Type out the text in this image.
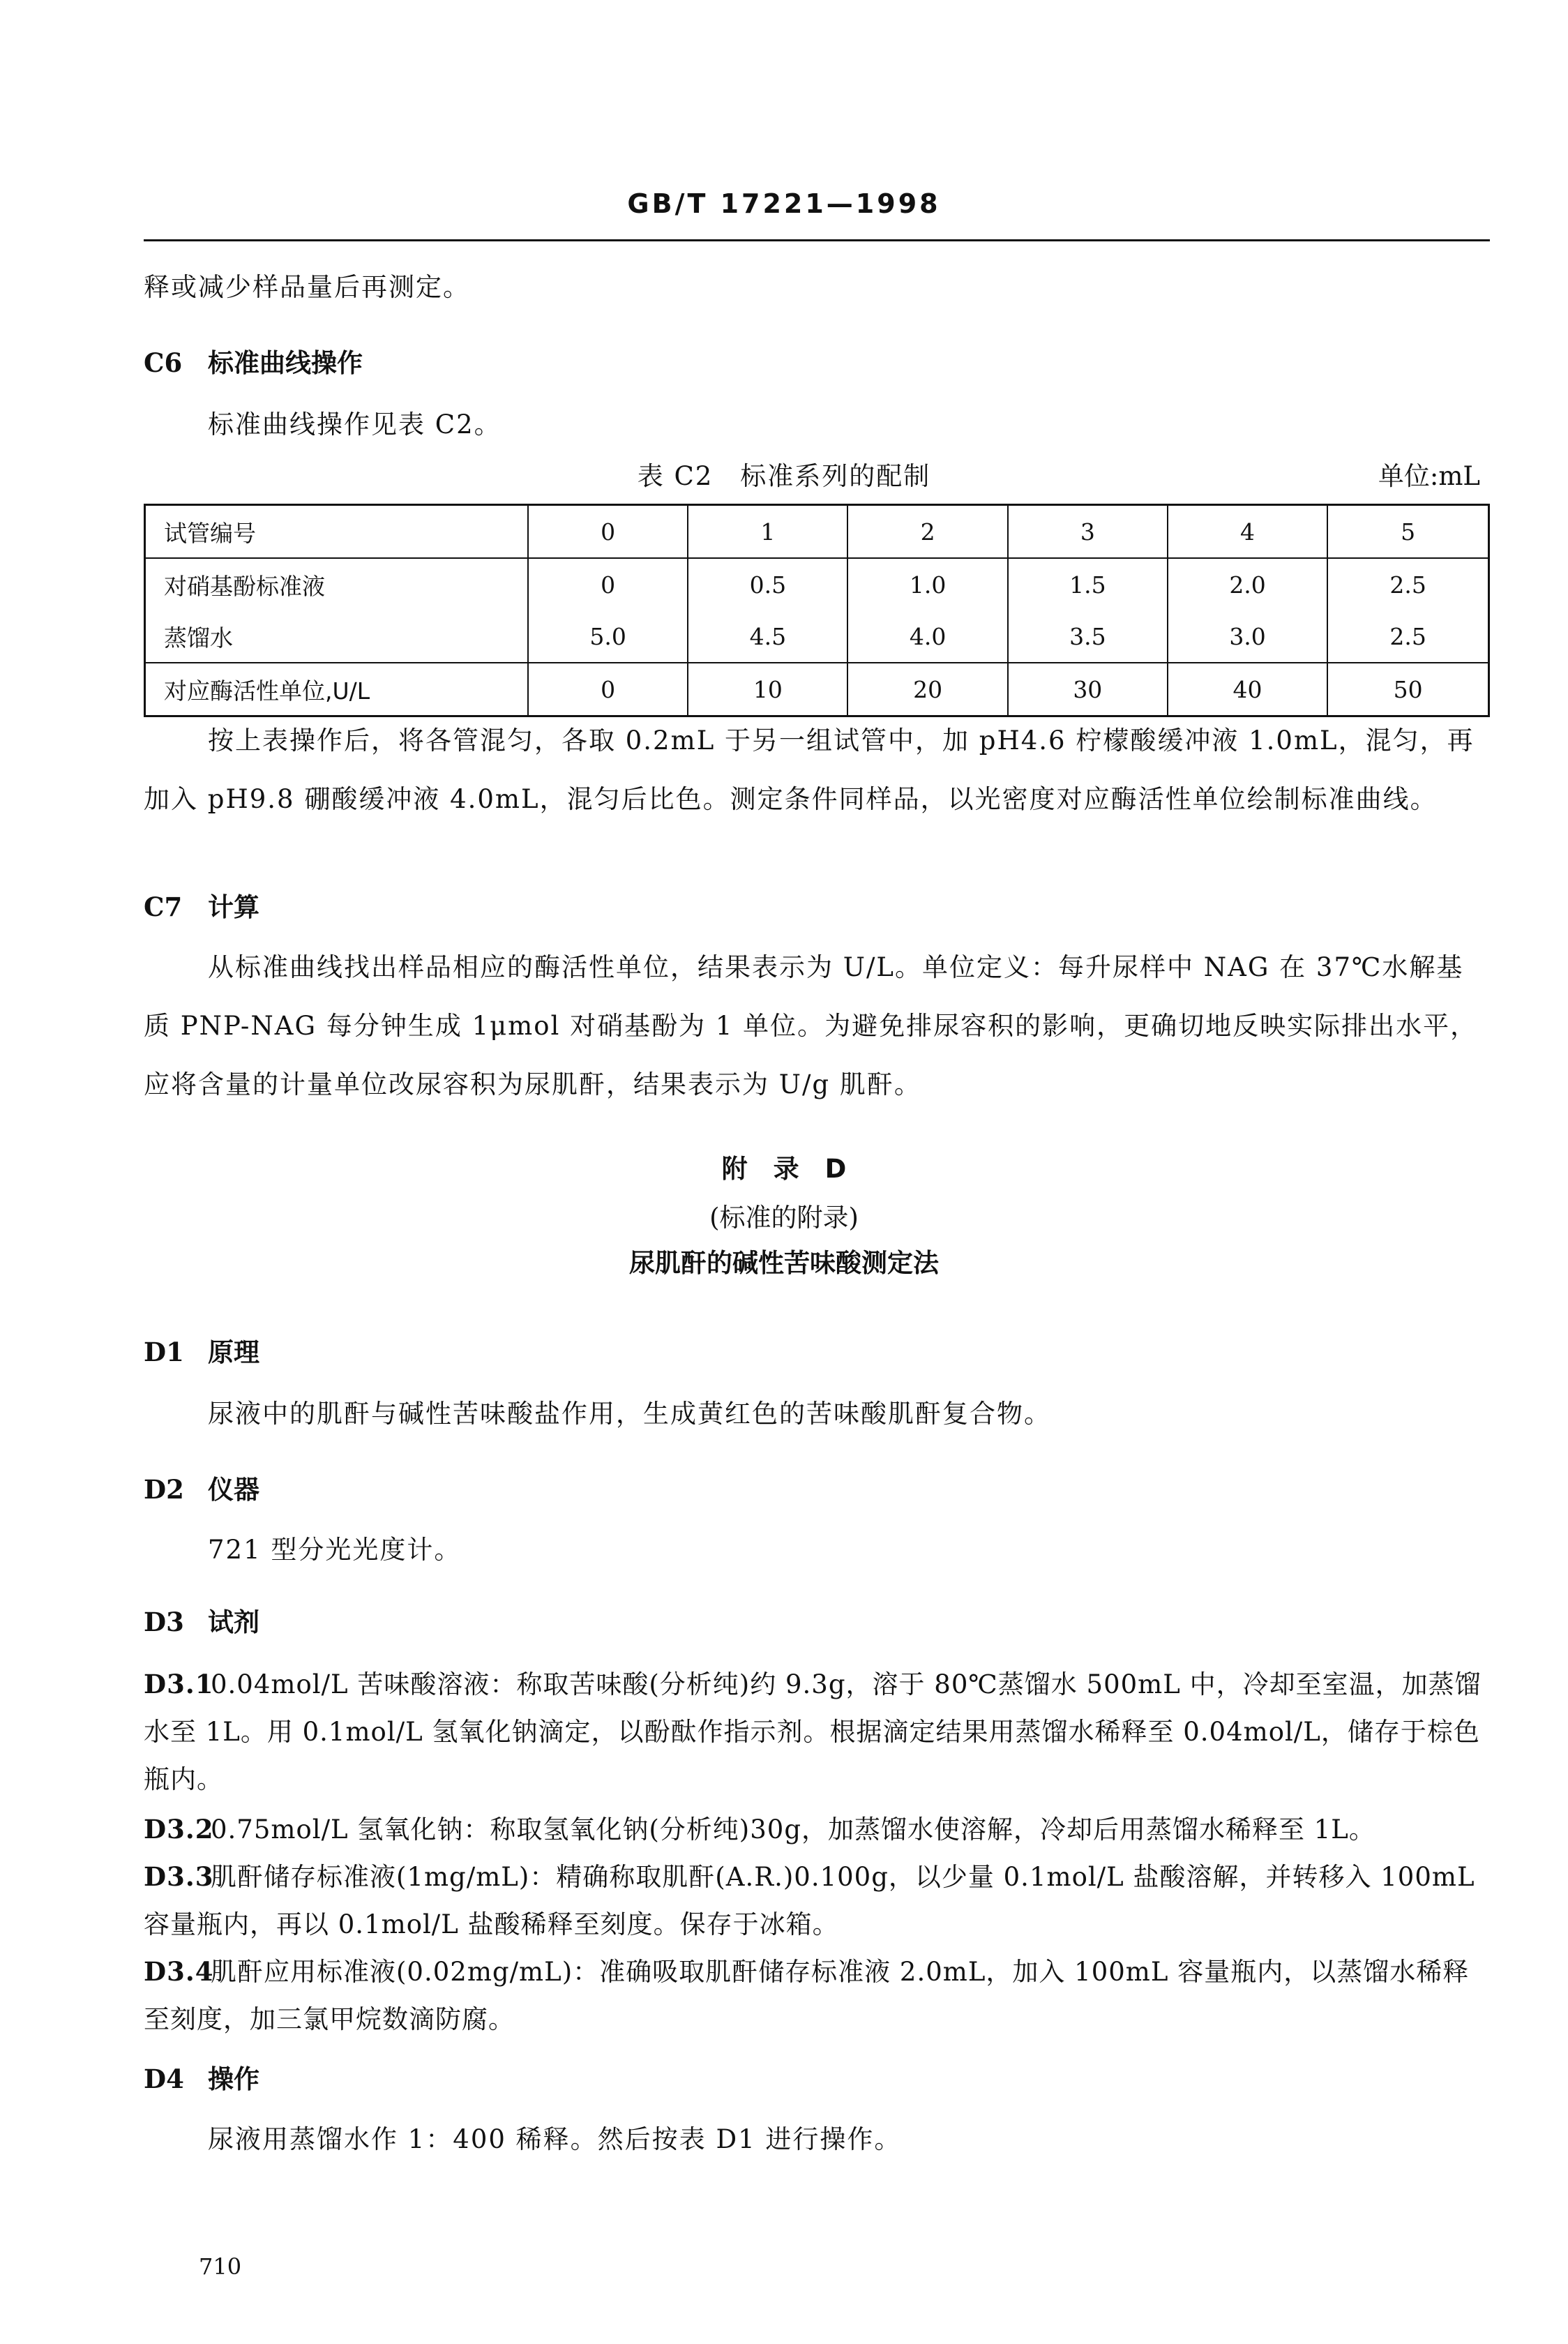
GB/T 17221—1998
释或减少样品量后再测定。
C6 标准曲线操作
标准曲线操作见表 C2。
表 C2　标准系列的配制	单位:mL
试管编号	0	1	2	3	4	5
对硝基酚标准液	0	0.5	1.0	1.5	2.0	2.5
蒸馏水	5.0	4.5	4.0	3.5	3.0	2.5
对应酶活性单位,U/L	0	10	20	30	40	50
按上表操作后，将各管混匀，各取 0.2mL 于另一组试管中，加 pH4.6 柠檬酸缓冲液 1.0mL，混匀，再加入 pH9.8 硼酸缓冲液 4.0mL，混匀后比色。测定条件同样品，以光密度对应酶活性单位绘制标准曲线。
C7 计算
从标准曲线找出样品相应的酶活性单位，结果表示为 U/L。单位定义：每升尿样中 NAG 在 37℃水解基质 PNP-NAG 每分钟生成 1μmol 对硝基酚为 1 单位。为避免排尿容积的影响，更确切地反映实际排出水平，应将含量的计量单位改尿容积为尿肌酐，结果表示为 U/g 肌酐。
附　录　D
(标准的附录)
尿肌酐的碱性苦味酸测定法
D1 原理
尿液中的肌酐与碱性苦味酸盐作用，生成黄红色的苦味酸肌酐复合物。
D2 仪器
721 型分光光度计。
D3 试剂
D3.10.04mol/L 苦味酸溶液：称取苦味酸(分析纯)约 9.3g，溶于 80℃蒸馏水 500mL 中，冷却至室温，加蒸馏水至 1L。用 0.1mol/L 氢氧化钠滴定，以酚酞作指示剂。根据滴定结果用蒸馏水稀释至 0.04mol/L，储存于棕色瓶内。
D3.20.75mol/L 氢氧化钠：称取氢氧化钠(分析纯)30g，加蒸馏水使溶解，冷却后用蒸馏水稀释至 1L。
D3.3肌酐储存标准液(1mg/mL)：精确称取肌酐(A.R.)0.100g，以少量 0.1mol/L 盐酸溶解，并转移入 100mL 容量瓶内，再以 0.1mol/L 盐酸稀释至刻度。保存于冰箱。
D3.4肌酐应用标准液(0.02mg/mL)：准确吸取肌酐储存标准液 2.0mL，加入 100mL 容量瓶内，以蒸馏水稀释至刻度，加三氯甲烷数滴防腐。
D4 操作
尿液用蒸馏水作 1：400 稀释。然后按表 D1 进行操作。
710
